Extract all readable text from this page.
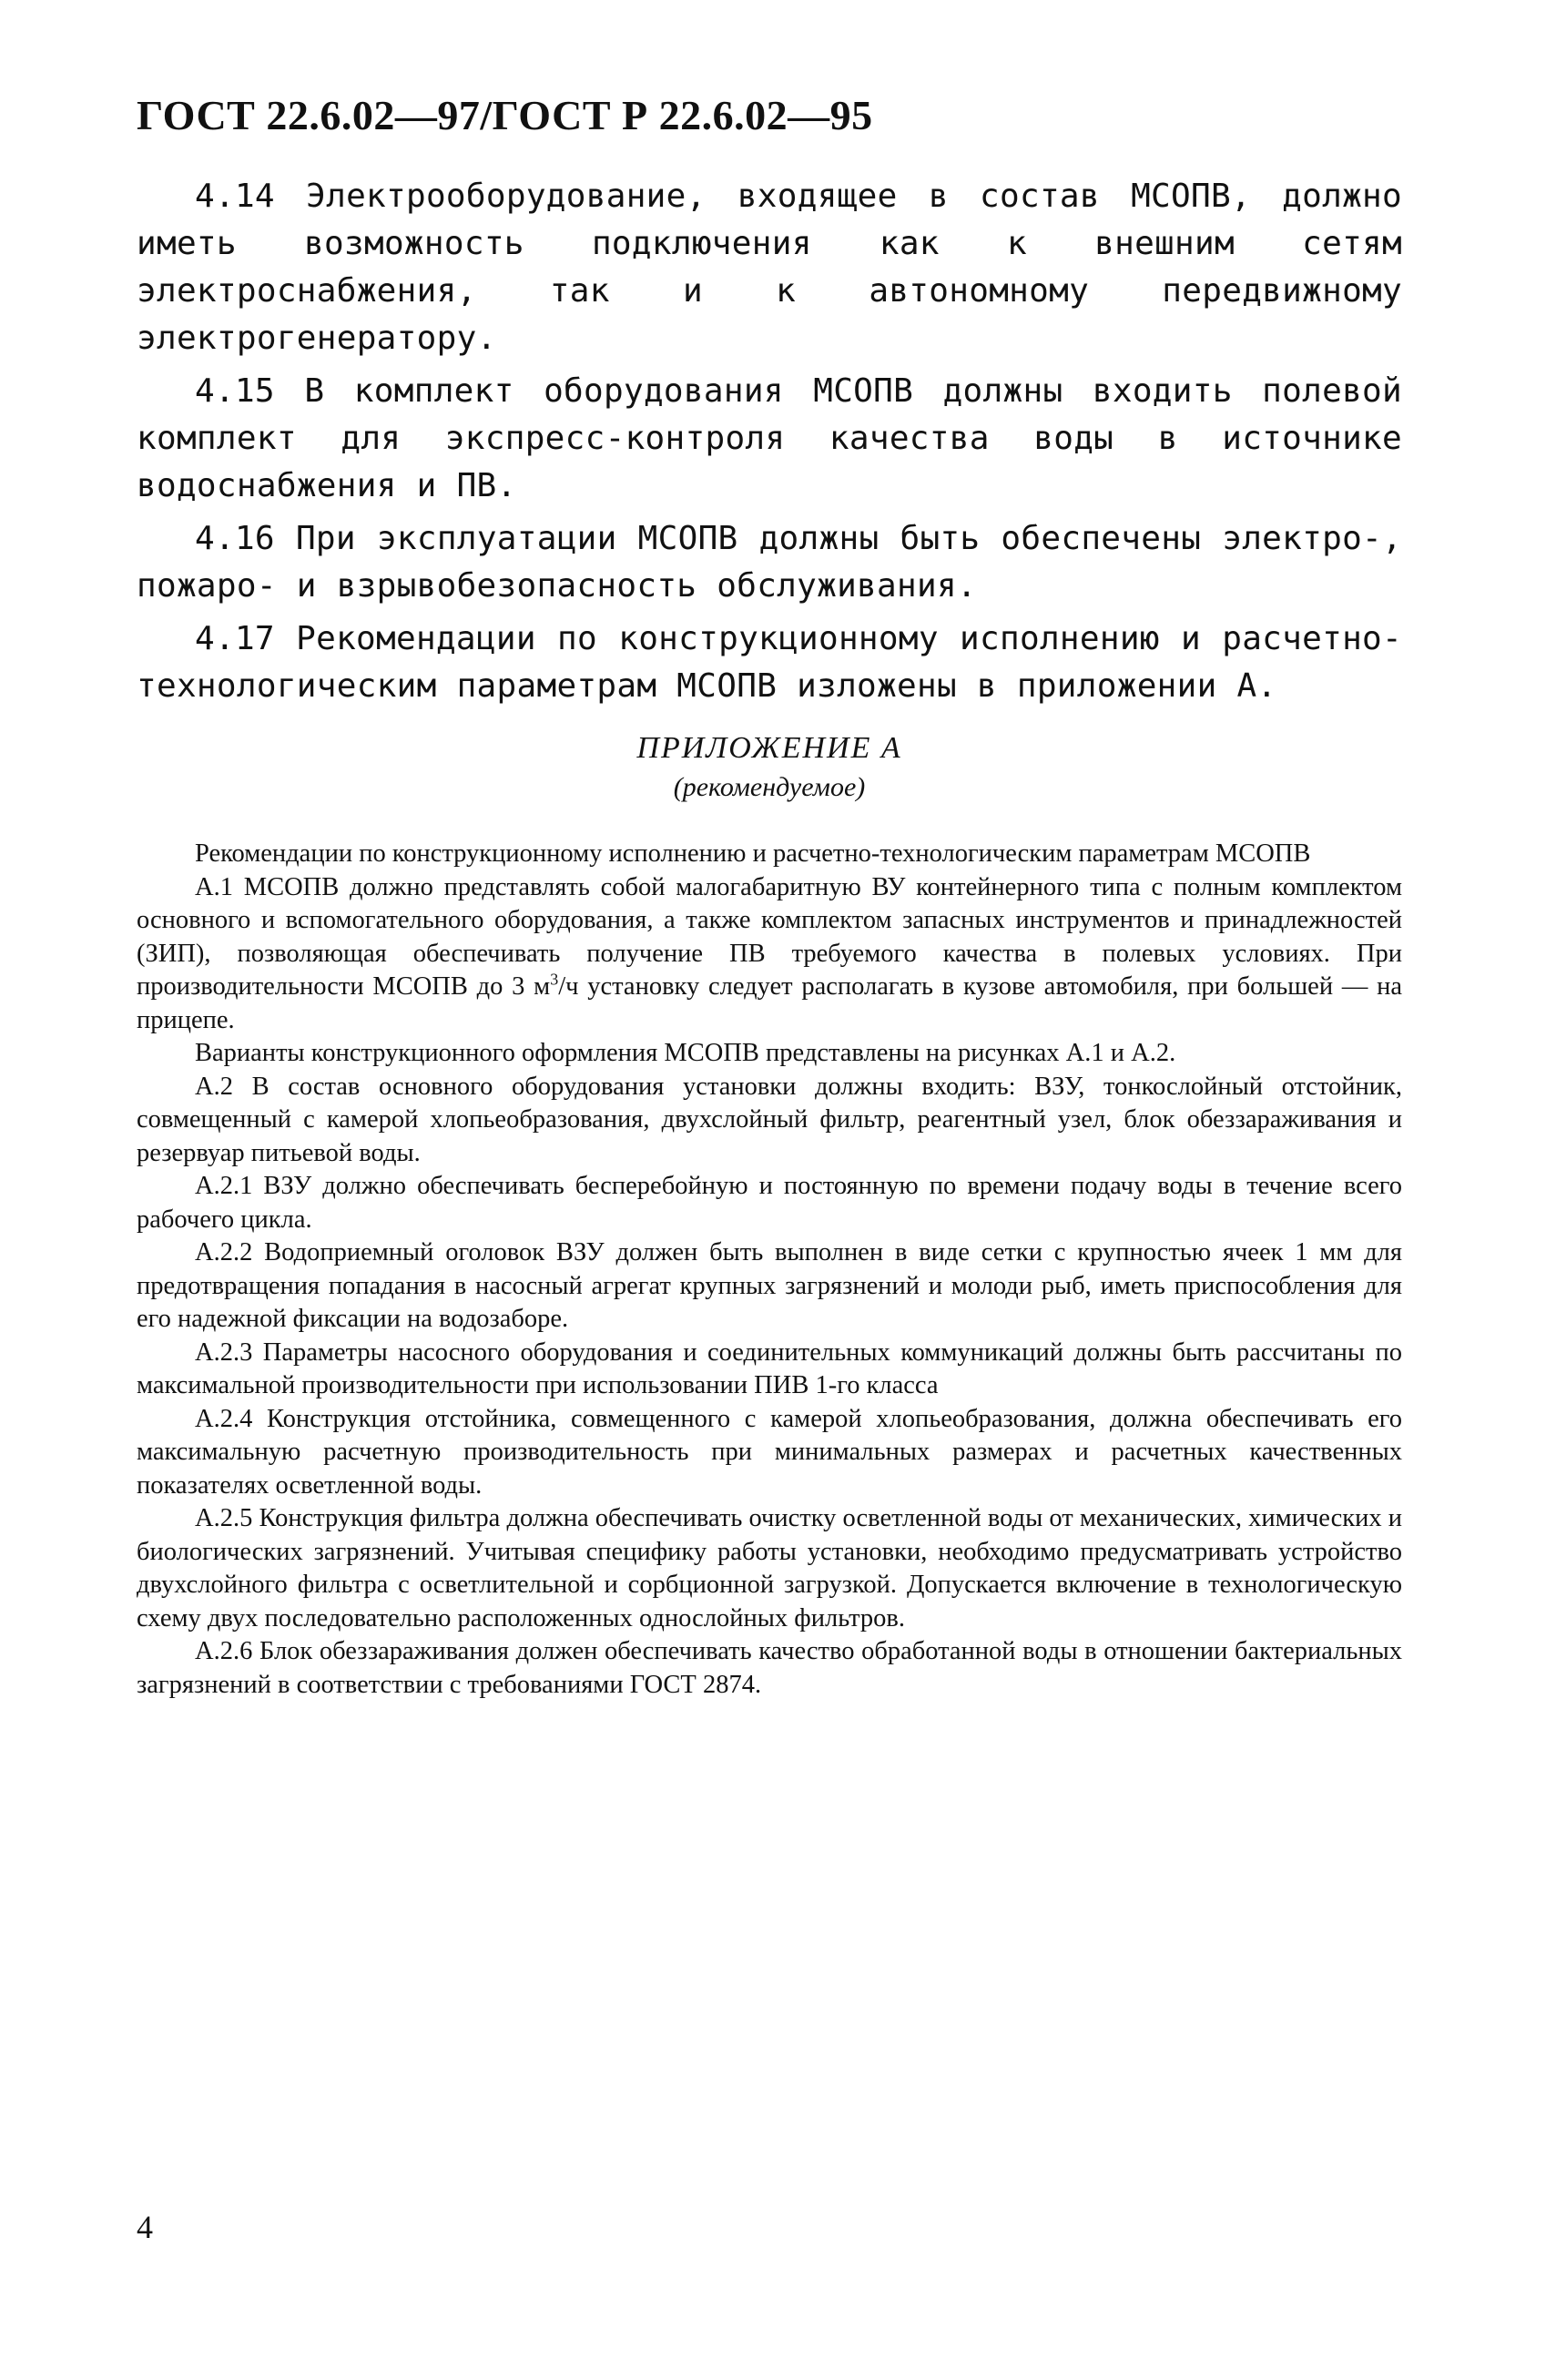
ГОСТ 22.6.02—97/ГОСТ Р 22.6.02—95

4.14 Электрооборудование, входящее в состав МСОПВ, должно иметь возможность подключения как к внешним сетям электроснабжения, так и к автономному передвижному электрогенератору.

4.15 В комплект оборудования МСОПВ должны входить полевой комплект для экспресс-контроля качества воды в источнике водоснабжения и ПВ.

4.16 При эксплуатации МСОПВ должны быть обеспечены электро-, пожаро- и взрывобезопасность обслуживания.

4.17 Рекомендации по конструкционному исполнению и расчетно-технологическим параметрам МСОПВ изложены в приложении А.

ПРИЛОЖЕНИЕ А
(рекомендуемое)

Рекомендации по конструкционному исполнению и расчетно-технологическим параметрам МСОПВ

А.1 МСОПВ должно представлять собой малогабаритную ВУ контейнерного типа с полным комплектом основного и вспомогательного оборудования, а также комплектом запасных инструментов и принадлежностей (ЗИП), позволяющая обеспечивать получение ПВ требуемого качества в полевых условиях. При производительности МСОПВ до 3 $м^3/ч$ установку следует располагать в кузове автомобиля, при большей — на прицепе.

Варианты конструкционного оформления МСОПВ представлены на рисунках А.1 и А.2.

А.2 В состав основного оборудования установки должны входить: ВЗУ, тонкослойный отстойник, совмещенный с камерой хлопьеобразования, двухслойный фильтр, реагентный узел, блок обеззараживания и резервуар питьевой воды.

А.2.1 ВЗУ должно обеспечивать бесперебойную и постоянную по времени подачу воды в течение всего рабочего цикла.

А.2.2 Водоприемный оголовок ВЗУ должен быть выполнен в виде сетки с крупностью ячеек 1 мм для предотвращения попадания в насосный агрегат крупных загрязнений и молоди рыб, иметь приспособления для его надежной фиксации на водозаборе.

А.2.3 Параметры насосного оборудования и соединительных коммуникаций должны быть рассчитаны по максимальной производительности при использовании ПИВ 1-го класса

А.2.4 Конструкция отстойника, совмещенного с камерой хлопьеобразования, должна обеспечивать его максимальную расчетную производительность при минимальных размерах и расчетных качественных показателях осветленной воды.

А.2.5 Конструкция фильтра должна обеспечивать очистку осветленной воды от механических, химических и биологических загрязнений. Учитывая специфику работы установки, необходимо предусматривать устройство двухслойного фильтра с осветлительной и сорбционной загрузкой. Допускается включение в технологическую схему двух последовательно расположенных однослойных фильтров.

А.2.6 Блок обеззараживания должен обеспечивать качество обработанной воды в отношении бактериальных загрязнений в соответствии с требованиями ГОСТ 2874.

4
